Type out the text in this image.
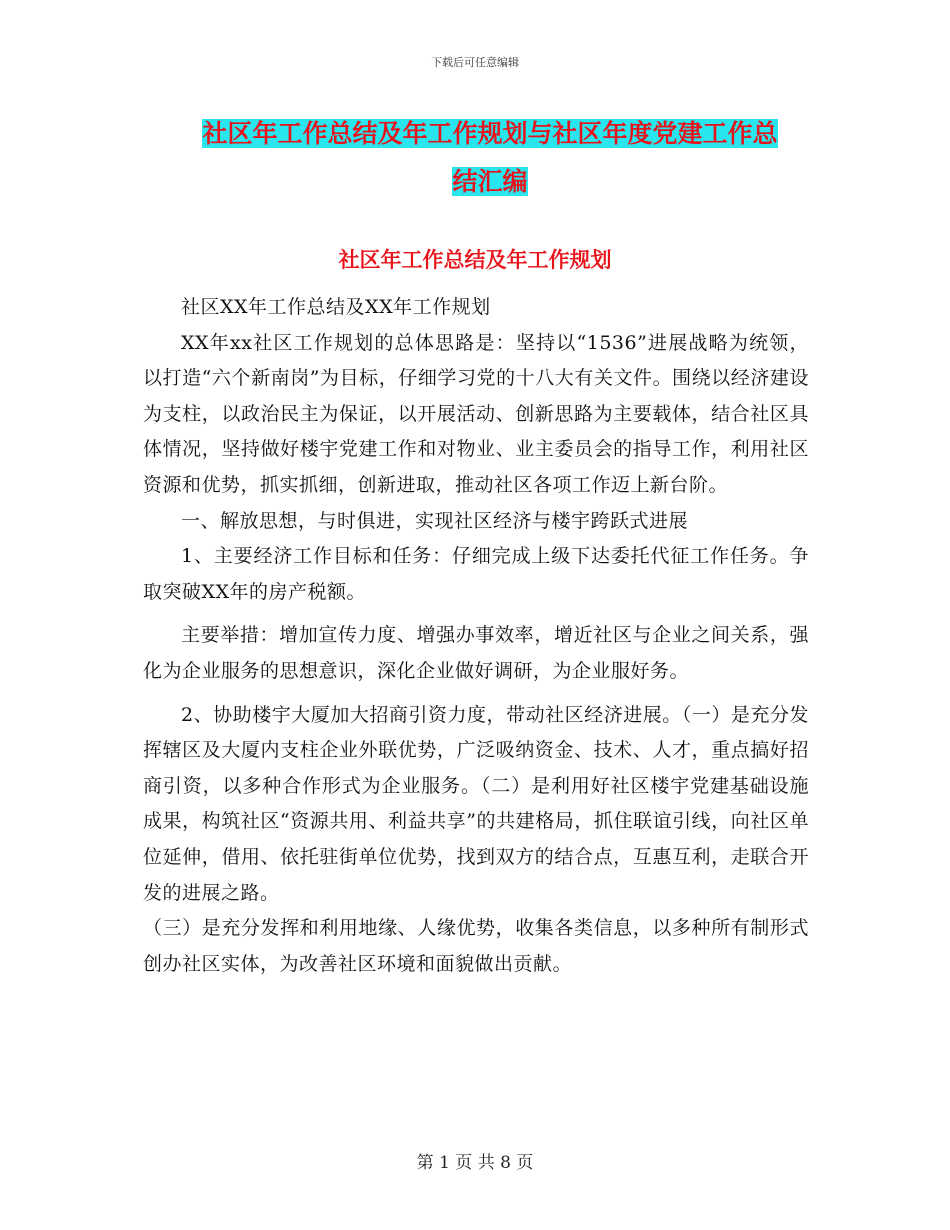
下载后可任意编辑
社区年工作总结及年工作规划与社区年度党建工作总
结汇编
社区年工作总结及年工作规划

社区XX年工作总结及XX年工作规划

XX年xx社区工作规划的总体思路是：坚持以“1536”进展战略为统领，以打造“六个新南岗”为目标，仔细学习党的十八大有关文件。围绕以经济建设为支柱，以政治民主为保证，以开展活动、创新思路为主要载体，结合社区具体情况，坚持做好楼宇党建工作和对物业、业主委员会的指导工作，利用社区资源和优势，抓实抓细，创新进取，推动社区各项工作迈上新台阶。

一、解放思想，与时俱进，实现社区经济与楼宇跨跃式进展

1、主要经济工作目标和任务：仔细完成上级下达委托代征工作任务。争取突破XX年的房产税额。

主要举措：增加宣传力度、增强办事效率，增近社区与企业之间关系，强化为企业服务的思想意识，深化企业做好调研，为企业服好务。

2、协助楼宇大厦加大招商引资力度，带动社区经济进展。（一）是充分发挥辖区及大厦内支柱企业外联优势，广泛吸纳资金、技术、人才，重点搞好招商引资，以多种合作形式为企业服务。（二）是利用好社区楼宇党建基础设施成果，构筑社区“资源共用、利益共享”的共建格局，抓住联谊引线，向社区单位延伸，借用、依托驻街单位优势，找到双方的结合点，互惠互利，走联合开发的进展之路。

（三）是充分发挥和利用地缘、人缘优势，收集各类信息，以多种所有制形式创办社区实体，为改善社区环境和面貌做出贡献。

第 1 页 共 8 页
